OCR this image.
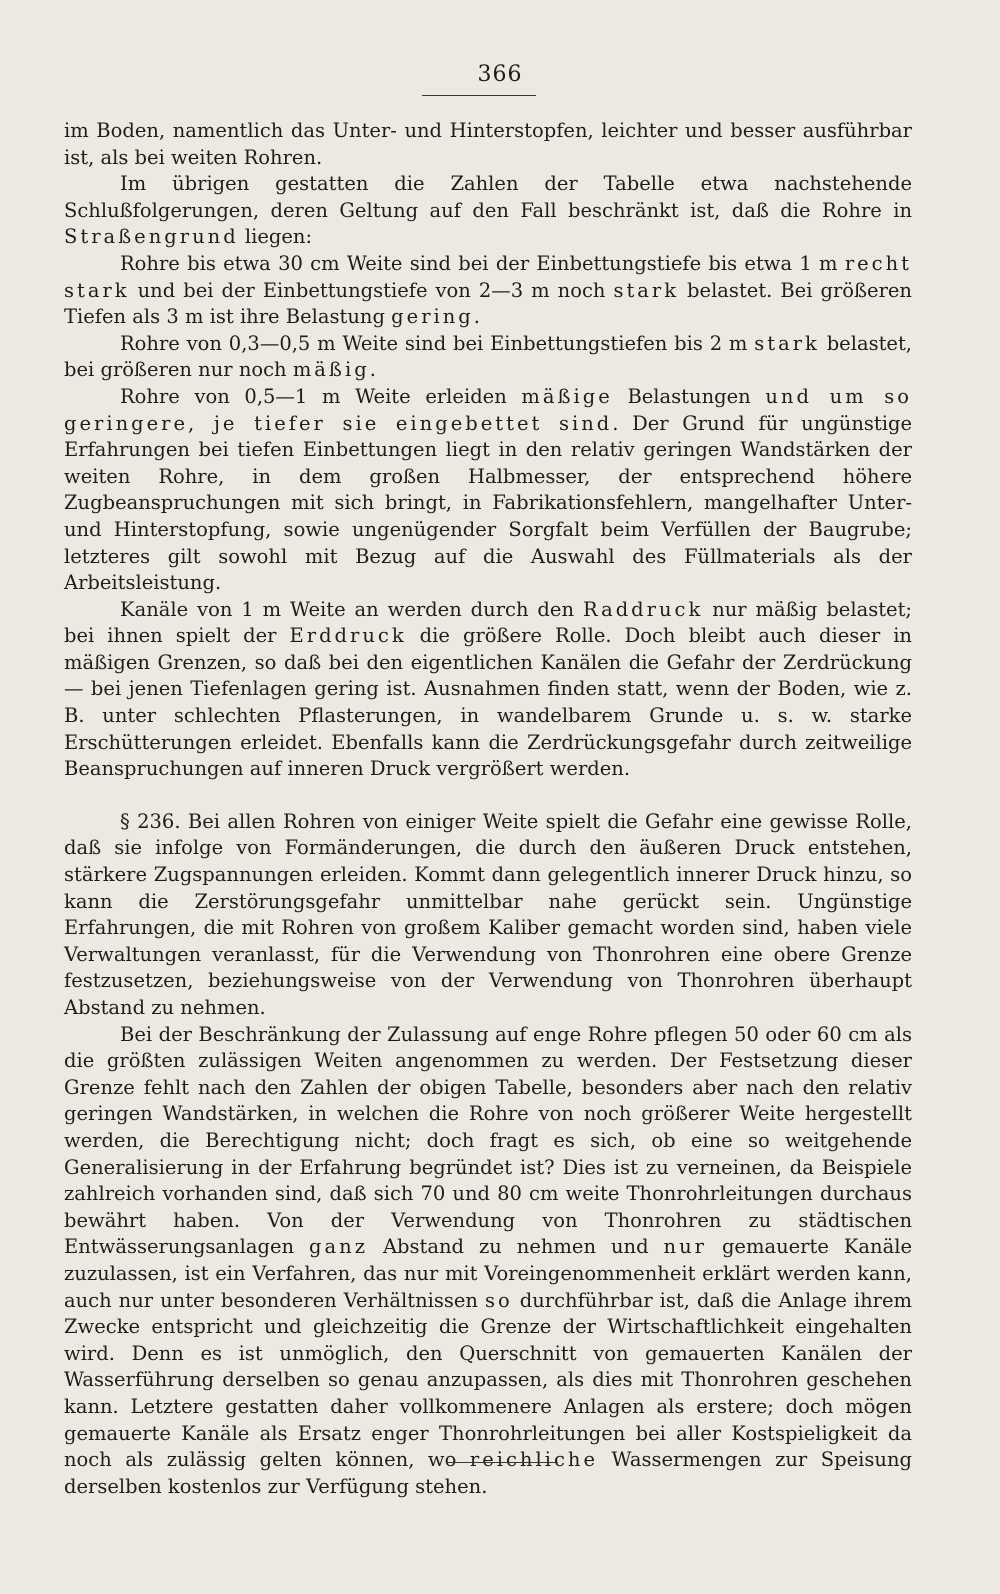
366

im Boden, namentlich das Unter- und Hinterstopfen, leichter und besser ausführbar ist, als bei weiten Rohren.

Im übrigen gestatten die Zahlen der Tabelle etwa nachstehende Schlußfolgerungen, deren Geltung auf den Fall beschränkt ist, daß die Rohre in Straßengrund liegen:

Rohre bis etwa 30 cm Weite sind bei der Einbettungstiefe bis etwa 1 m recht stark und bei der Einbettungstiefe von 2—3 m noch stark belastet. Bei größeren Tiefen als 3 m ist ihre Belastung gering.

Rohre von 0,3—0,5 m Weite sind bei Einbettungstiefen bis 2 m stark belastet, bei größeren nur noch mäßig.

Rohre von 0,5—1 m Weite erleiden mäßige Belastungen und um so geringere, je tiefer sie eingebettet sind. Der Grund für ungünstige Erfahrungen bei tiefen Einbettungen liegt in den relativ geringen Wandstärken der weiten Rohre, in dem großen Halbmesser, der entsprechend höhere Zugbeanspruchungen mit sich bringt, in Fabrikationsfehlern, mangelhafter Unter- und Hinterstopfung, sowie ungenügender Sorgfalt beim Verfüllen der Baugrube; letzteres gilt sowohl mit Bezug auf die Auswahl des Füllmaterials als der Arbeitsleistung.

Kanäle von 1 m Weite an werden durch den Raddruck nur mäßig belastet; bei ihnen spielt der Erddruck die größere Rolle. Doch bleibt auch dieser in mäßigen Grenzen, so daß bei den eigentlichen Kanälen die Gefahr der Zerdrückung — bei jenen Tiefenlagen gering ist. Ausnahmen finden statt, wenn der Boden, wie z. B. unter schlechten Pflasterungen, in wandelbarem Grunde u. s. w. starke Erschütterungen erleidet. Ebenfalls kann die Zerdrückungsgefahr durch zeitweilige Beanspruchungen auf inneren Druck vergrößert werden.

§ 236. Bei allen Rohren von einiger Weite spielt die Gefahr eine gewisse Rolle, daß sie infolge von Formänderungen, die durch den äußeren Druck entstehen, stärkere Zugspannungen erleiden. Kommt dann gelegentlich innerer Druck hinzu, so kann die Zerstörungsgefahr unmittelbar nahe gerückt sein. Ungünstige Erfahrungen, die mit Rohren von großem Kaliber gemacht worden sind, haben viele Verwaltungen veranlasst, für die Verwendung von Thonrohren eine obere Grenze festzusetzen, beziehungsweise von der Verwendung von Thonrohren überhaupt Abstand zu nehmen.

Bei der Beschränkung der Zulassung auf enge Rohre pflegen 50 oder 60 cm als die größten zulässigen Weiten angenommen zu werden. Der Festsetzung dieser Grenze fehlt nach den Zahlen der obigen Tabelle, besonders aber nach den relativ geringen Wandstärken, in welchen die Rohre von noch größerer Weite hergestellt werden, die Berechtigung nicht; doch fragt es sich, ob eine so weitgehende Generalisierung in der Erfahrung begründet ist? Dies ist zu verneinen, da Beispiele zahlreich vorhanden sind, daß sich 70 und 80 cm weite Thonrohrleitungen durchaus bewährt haben. Von der Verwendung von Thonrohren zu städtischen Entwässerungsanlagen ganz Abstand zu nehmen und nur gemauerte Kanäle zuzulassen, ist ein Verfahren, das nur mit Voreingenommenheit erklärt werden kann, auch nur unter besonderen Verhältnissen so durchführbar ist, daß die Anlage ihrem Zwecke entspricht und gleichzeitig die Grenze der Wirtschaftlichkeit eingehalten wird. Denn es ist unmöglich, den Querschnitt von gemauerten Kanälen der Wasserführung derselben so genau anzupassen, als dies mit Thonrohren geschehen kann. Letztere gestatten daher vollkommenere Anlagen als erstere; doch mögen gemauerte Kanäle als Ersatz enger Thonrohrleitungen bei aller Kostspieligkeit da noch als zulässig gelten können, wo reichliche Wassermengen zur Speisung derselben kostenlos zur Verfügung stehen.
